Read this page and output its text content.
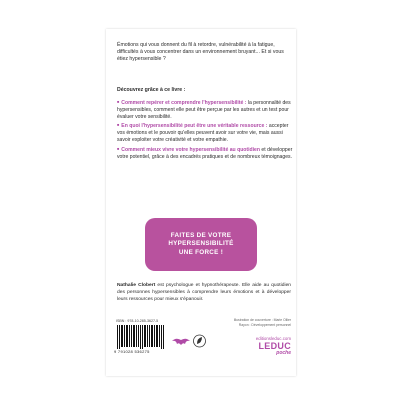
Émotions qui vous donnent du fil à retordre, vulnérabilité à la fatigue, difficultés à vous concentrer dans un environnement bruyant... Et si vous étiez hypersensible ?

Découvrez grâce à ce livre :

■ Comment repérer et comprendre l'hypersensibilité : la personnalité des hypersensibles, comment elle peut être perçue par les autres et un test pour évaluer votre sensibilité.
■ En quoi l'hypersensibilité peut être une véritable ressource : accepter vos émotions et le pouvoir qu'elles peuvent avoir sur votre vie, mais aussi savoir exploiter votre créativité et votre empathie.
■ Comment mieux vivre votre hypersensibilité au quotidien et développer votre potentiel, grâce à des encadrés pratiques et de nombreux témoignages.
FAITES DE VOTRE
HYPERSENSIBILITÉ
UNE FORCE !

Nathalie Clobert est psychologue et hypnothérapeute. Elle aide au quotidien des personnes hypersensibles à comprendre leurs émotions et à développer leurs ressources pour mieux s'épanouir.

ISBN : 978-10-285-3627-5
9 791028 536275
Illustration de couverture : Marie Ollier
Rayon : Développement personnel
editionsleduc.com
LEDUC
poche
